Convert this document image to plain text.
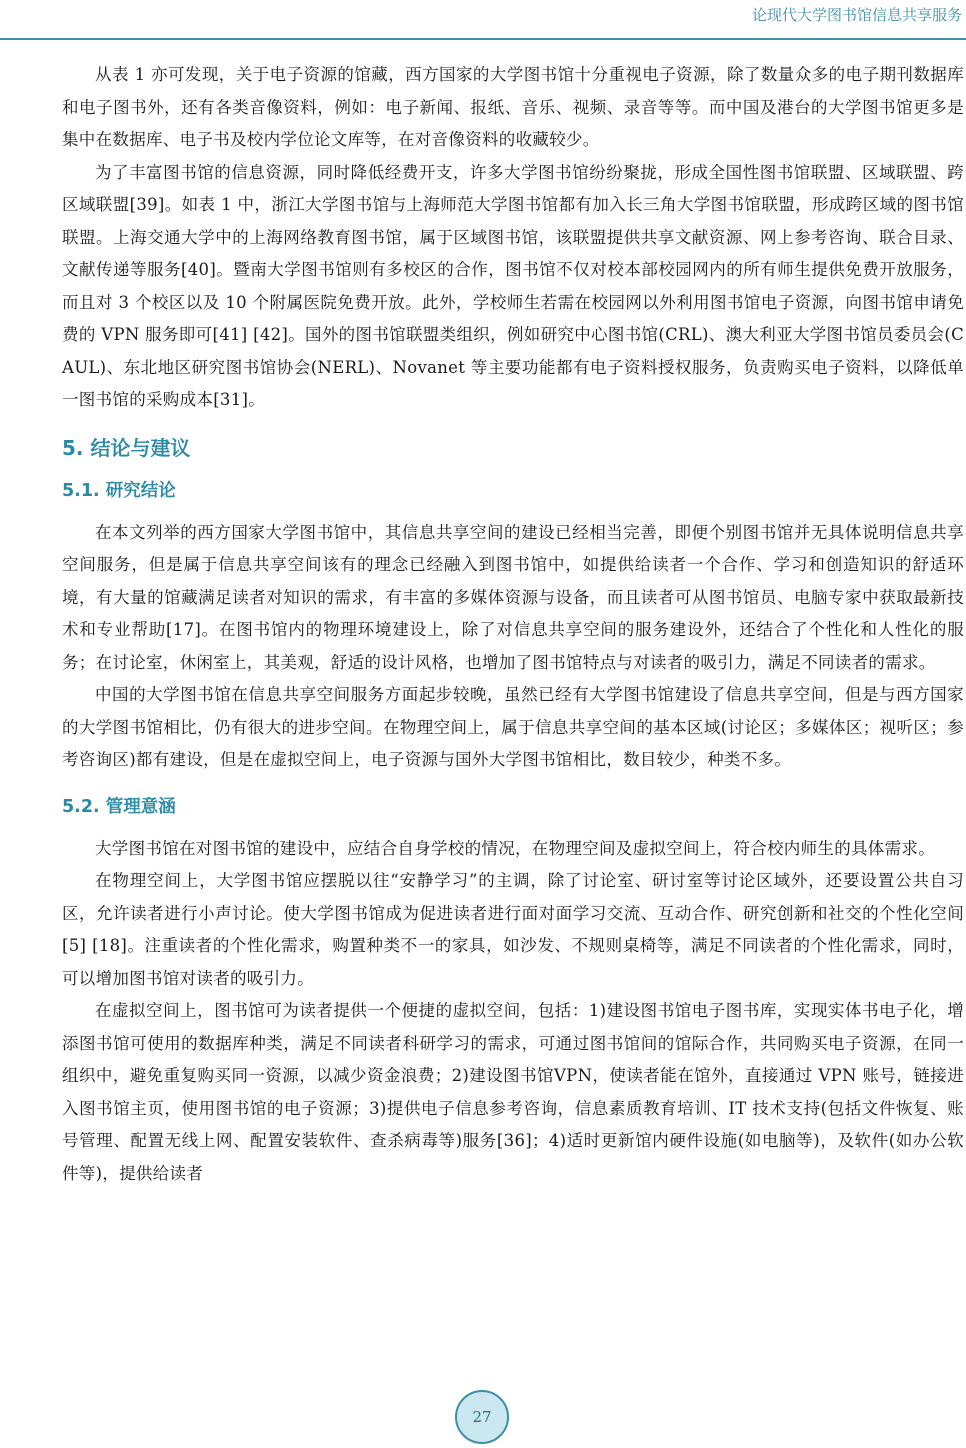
论现代大学图书馆信息共享服务

从表 1 亦可发现，关于电子资源的馆藏，西方国家的大学图书馆十分重视电子资源，除了数量众多的电子期刊数据库和电子图书外，还有各类音像资料，例如：电子新闻、报纸、音乐、视频、录音等等。而中国及港台的大学图书馆更多是集中在数据库、电子书及校内学位论文库等，在对音像资料的收藏较少。

为了丰富图书馆的信息资源，同时降低经费开支，许多大学图书馆纷纷聚拢，形成全国性图书馆联盟、区域联盟、跨区域联盟[39]。如表 1 中，浙江大学图书馆与上海师范大学图书馆都有加入长三角大学图书馆联盟，形成跨区域的图书馆联盟。上海交通大学中的上海网络教育图书馆，属于区域图书馆，该联盟提供共享文献资源、网上参考咨询、联合目录、文献传递等服务[40]。暨南大学图书馆则有多校区的合作，图书馆不仅对校本部校园网内的所有师生提供免费开放服务，而且对 3 个校区以及 10 个附属医院免费开放。此外，学校师生若需在校园网以外利用图书馆电子资源，向图书馆申请免费的 VPN 服务即可[41] [42]。国外的图书馆联盟类组织，例如研究中心图书馆(CRL)、澳大利亚大学图书馆员委员会(CAUL)、东北地区研究图书馆协会(NERL)、Novanet 等主要功能都有电子资料授权服务，负责购买电子资料，以降低单一图书馆的采购成本[31]。

5. 结论与建议
5.1. 研究结论

在本文列举的西方国家大学图书馆中，其信息共享空间的建设已经相当完善，即便个别图书馆并无具体说明信息共享空间服务，但是属于信息共享空间该有的理念已经融入到图书馆中，如提供给读者一个合作、学习和创造知识的舒适环境，有大量的馆藏满足读者对知识的需求，有丰富的多媒体资源与设备，而且读者可从图书馆员、电脑专家中获取最新技术和专业帮助[17]。在图书馆内的物理环境建设上，除了对信息共享空间的服务建设外，还结合了个性化和人性化的服务；在讨论室，休闲室上，其美观，舒适的设计风格，也增加了图书馆特点与对读者的吸引力，满足不同读者的需求。

中国的大学图书馆在信息共享空间服务方面起步较晚，虽然已经有大学图书馆建设了信息共享空间，但是与西方国家的大学图书馆相比，仍有很大的进步空间。在物理空间上，属于信息共享空间的基本区域(讨论区；多媒体区；视听区；参考咨询区)都有建设，但是在虚拟空间上，电子资源与国外大学图书馆相比，数目较少，种类不多。

5.2. 管理意涵

大学图书馆在对图书馆的建设中，应结合自身学校的情况，在物理空间及虚拟空间上，符合校内师生的具体需求。

在物理空间上，大学图书馆应摆脱以往“安静学习”的主调，除了讨论室、研讨室等讨论区域外，还要设置公共自习区，允许读者进行小声讨论。使大学图书馆成为促进读者进行面对面学习交流、互动合作、研究创新和社交的个性化空间[5] [18]。注重读者的个性化需求，购置种类不一的家具，如沙发、不规则桌椅等，满足不同读者的个性化需求，同时，可以增加图书馆对读者的吸引力。

在虚拟空间上，图书馆可为读者提供一个便捷的虚拟空间，包括：1)建设图书馆电子图书库，实现实体书电子化，增添图书馆可使用的数据库种类，满足不同读者科研学习的需求，可通过图书馆间的馆际合作，共同购买电子资源，在同一组织中，避免重复购买同一资源，以减少资金浪费；2)建设图书馆VPN，使读者能在馆外，直接通过 VPN 账号，链接进入图书馆主页，使用图书馆的电子资源；3)提供电子信息参考咨询，信息素质教育培训、IT 技术支持(包括文件恢复、账号管理、配置无线上网、配置安装软件、查杀病毒等)服务[36]；4)适时更新馆内硬件设施(如电脑等)，及软件(如办公软件等)，提供给读者

27
